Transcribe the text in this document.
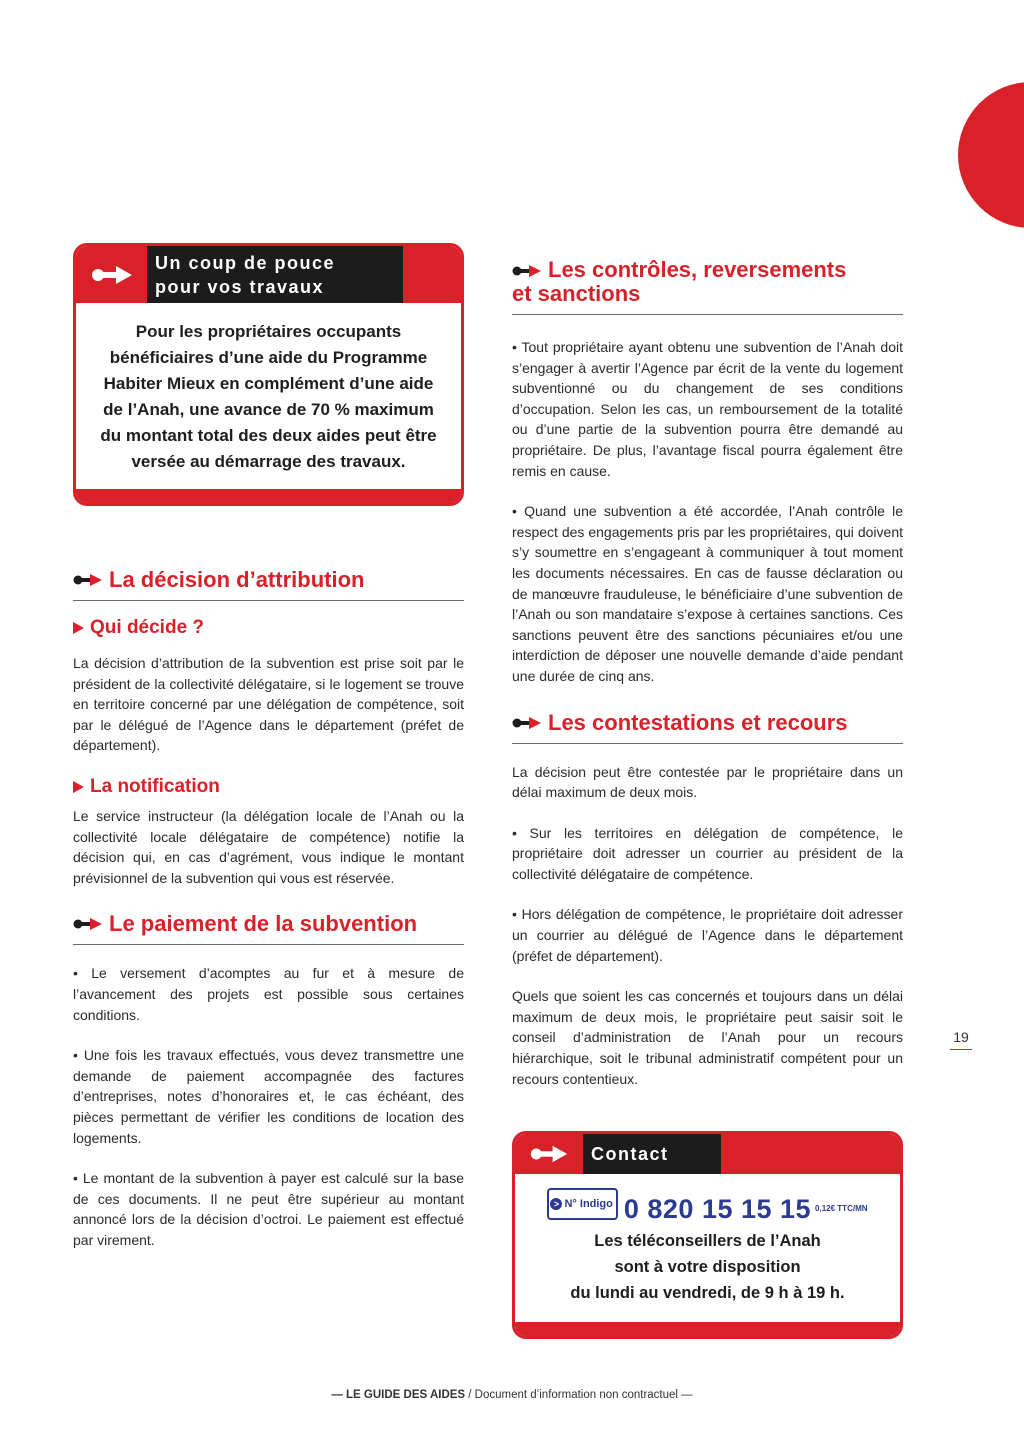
Un coup de pouce
pour vos travaux
Pour les propriétaires occupants bénéficiaires d’une aide du Programme Habiter Mieux en complément d’une aide de l’Anah, une avance de 70 % maximum du montant total des deux aides peut être versée au démarrage des travaux.
La décision d’attribution
Qui décide ?

La décision d’attribution de la subvention est prise soit par le président de la collectivité délégataire, si le logement se trouve en territoire concerné par une délégation de compétence, soit par le délégué de l’Agence dans le département (préfet de département).

La notification

Le service instructeur (la délégation locale de l’Anah ou la collectivité locale délégataire de compétence) notifie la décision qui, en cas d’agrément, vous indique le montant prévisionnel de la subvention qui vous est réservée.

Le paiement de la subvention

• Le versement d’acomptes au fur et à mesure de l’avancement des projets est possible sous certaines conditions.

• Une fois les travaux effectués, vous devez transmettre une demande de paiement accompagnée des factures d’entreprises, notes d’honoraires et, le cas échéant, des pièces permettant de vérifier les conditions de location des logements.

• Le montant de la subvention à payer est calculé sur la base de ces documents. Il ne peut être supérieur au montant annoncé lors de la décision d’octroi. Le paiement est effectué par virement.

Les contrôles, reversements
et sanctions

• Tout propriétaire ayant obtenu une subvention de l’Anah doit s’engager à avertir l’Agence par écrit de la vente du logement subventionné ou du changement de ses conditions d’occupation. Selon les cas, un remboursement de la totalité ou d’une partie de la subvention pourra être demandé au propriétaire. De plus, l’avantage fiscal pourra également être remis en cause.

• Quand une subvention a été accordée, l’Anah contrôle le respect des engagements pris par les propriétaires, qui doivent s’y soumettre en s’engageant à communiquer à tout moment les documents nécessaires. En cas de fausse déclaration ou de manœuvre frauduleuse, le bénéficiaire d’une subvention de l’Anah ou son mandataire s’expose à certaines sanctions. Ces sanctions peuvent être des sanctions pécuniaires et/ou une interdiction de déposer une nouvelle demande d’aide pendant une durée de cinq ans.

Les contestations et recours

La décision peut être contestée par le propriétaire dans un délai maximum de deux mois.

• Sur les territoires en délégation de compétence, le propriétaire doit adresser un courrier au président de la collectivité délégataire de compétence.

• Hors délégation de compétence, le propriétaire doit adresser un courrier au délégué de l’Agence dans le département (préfet de département).

Quels que soient les cas concernés et toujours dans un délai maximum de deux mois, le propriétaire peut saisir soit le conseil d’administration de l’Anah pour un recours hiérarchique, soit le tribunal administratif compétent pour un recours contentieux.

Contact
> N° Indigo 0 820 15 15 15 0,12€ TTC/MN
Les téléconseillers de l’Anah
sont à votre disposition
du lundi au vendredi, de 9 h à 19 h.
19
— LE GUIDE DES AIDES / Document d’information non contractuel —
